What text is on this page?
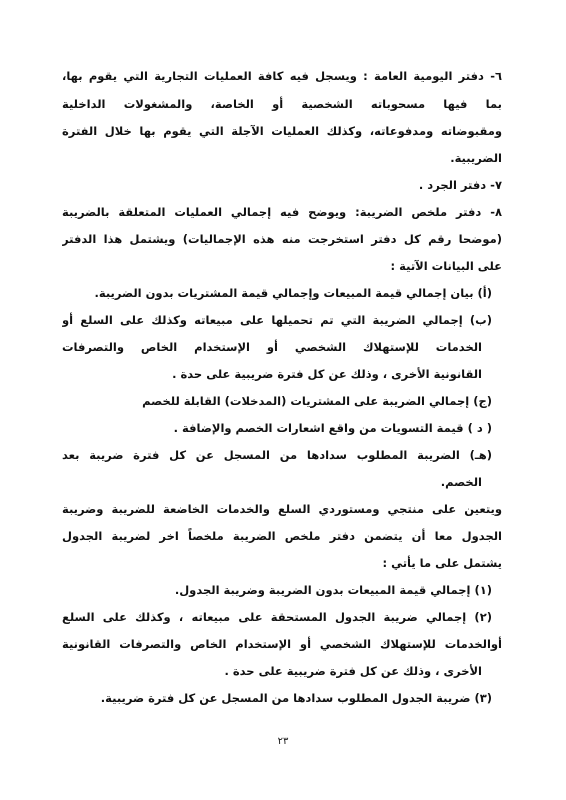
٦- دفتر اليومية العامة : ويسجل فيه كافة العمليات التجارية التي يقوم بها،
بما فيها مسحوباته الشخصية أو الخاصة، والمشغولات الداخلية
ومقبوضاته ومدفوعاته، وكذلك العمليات الآجلة التي يقوم بها خلال الفترة
الضريبية.
٧- دفتر الجرد .
٨- دفتر ملخص الضريبة: ويوضح فيه إجمالي العمليات المتعلقة بالضريبة
(موضحا رقم كل دفتر استخرجت منه هذه الإجماليات) ويشتمل هذا الدفتر
على البيانات الآتية :
(أ) بيان إجمالي قيمة المبيعات وإجمالي قيمة المشتريات بدون الضريبة.
(ب) إجمالي الضريبة التي تم تحميلها على مبيعاته وكذلك على السلع أو
الخدمات للإستهلاك الشخصي أو الإستخدام الخاص والتصرفات
القانونية الأخرى ، وذلك عن كل فترة ضريبية على حدة .
(ج) إجمالي الضريبة على المشتريات (المدخلات) القابلة للخصم
( د ) قيمة التسويات من واقع اشعارات الخصم والإضافة .
(هـ) الضريبة المطلوب سدادها من المسجل عن كل فترة ضريبة بعد
الخصم.
ويتعين على منتجي ومستوردي السلع والخدمات الخاضعة للضريبة وضريبة
الجدول معا أن يتضمن دفتر ملخص الضريبة ملخصاً اخر لضريبة الجدول
يشتمل على ما يأتي :
(١) إجمالي قيمة المبيعات بدون الضريبة وضريبة الجدول.
(٢) إجمالي ضريبة الجدول المستحقة على مبيعاته ، وكذلك على السلع
أوالخدمات للإستهلاك الشخصي أو الإستخدام الخاص والتصرفات القانونية
الأخرى ، وذلك عن كل فترة ضريبية على حدة .
(٣) ضريبة الجدول المطلوب سدادها من المسجل عن كل فترة ضريبية.
٢٣
